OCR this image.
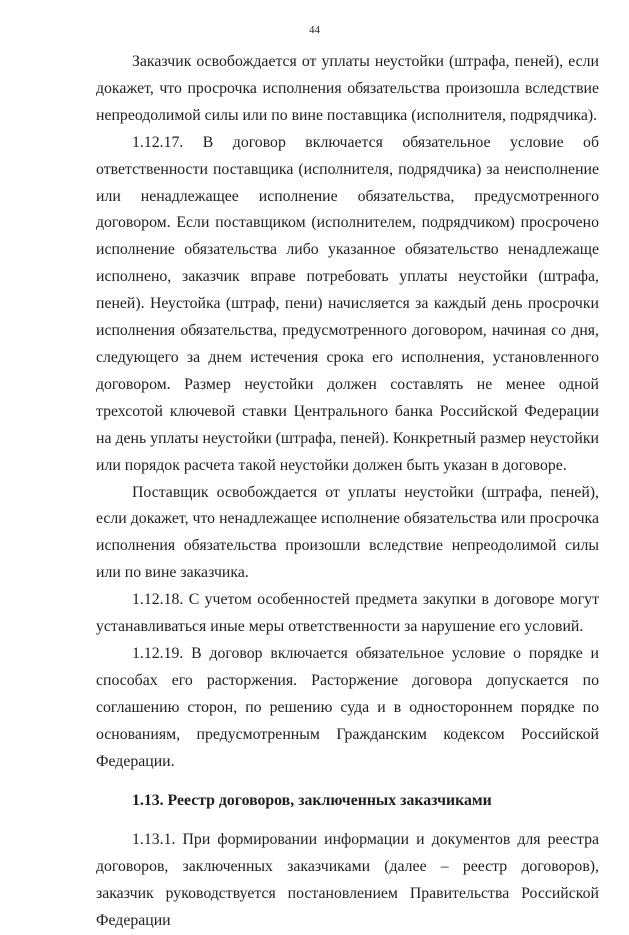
44

Заказчик освобождается от уплаты неустойки (штрафа, пеней), если докажет, что просрочка исполнения обязательства произошла вследствие непреодолимой силы или по вине поставщика (исполнителя, подрядчика).

1.12.17. В договор включается обязательное условие об ответственности поставщика (исполнителя, подрядчика) за неисполнение или ненадлежащее исполнение обязательства, предусмотренного договором. Если поставщиком (исполнителем, подрядчиком) просрочено исполнение обязательства либо указанное обязательство ненадлежаще исполнено, заказчик вправе потребовать уплаты неустойки (штрафа, пеней). Неустойка (штраф, пени) начисляется за каждый день просрочки исполнения обязательства, предусмотренного договором, начиная со дня, следующего за днем истечения срока его исполнения, установленного договором. Размер неустойки должен составлять не менее одной трехсотой ключевой ставки Центрального банка Российской Федерации на день уплаты неустойки (штрафа, пеней). Конкретный размер неустойки или порядок расчета такой неустойки должен быть указан в договоре.

Поставщик освобождается от уплаты неустойки (штрафа, пеней), если докажет, что ненадлежащее исполнение обязательства или просрочка исполнения обязательства произошли вследствие непреодолимой силы или по вине заказчика.

1.12.18. С учетом особенностей предмета закупки в договоре могут устанавливаться иные меры ответственности за нарушение его условий.

1.12.19. В договор включается обязательное условие о порядке и способах его расторжения. Расторжение договора допускается по соглашению сторон, по решению суда и в одностороннем порядке по основаниям, предусмотренным Гражданским кодексом Российской Федерации.

1.13. Реестр договоров, заключенных заказчиками

1.13.1. При формировании информации и документов для реестра договоров, заключенных заказчиками (далее – реестр договоров), заказчик руководствуется постановлением Правительства Российской Федерации
